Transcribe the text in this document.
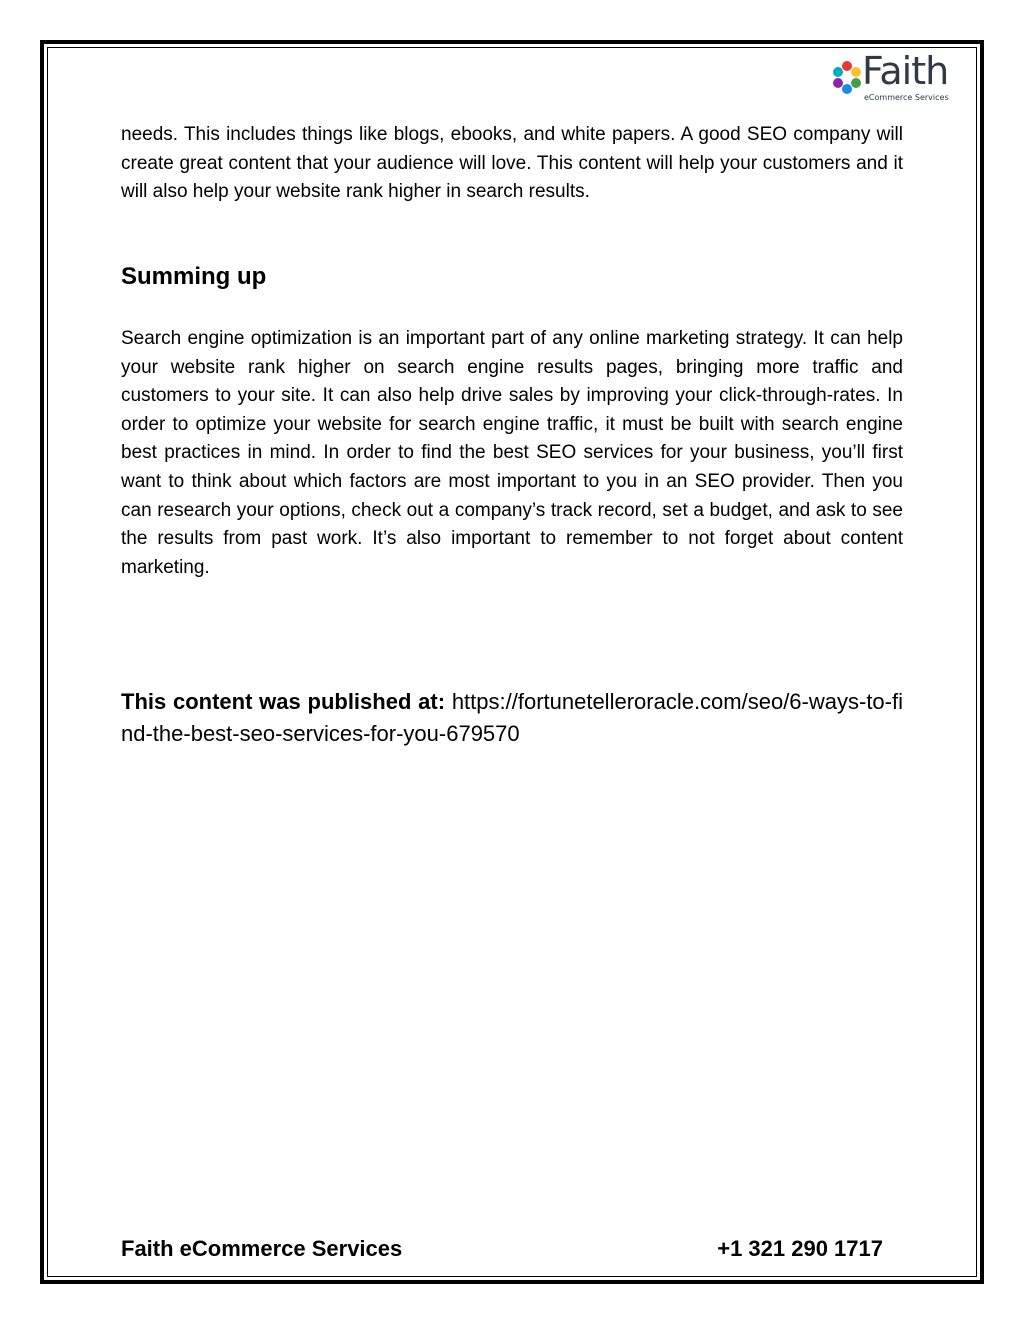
Faith
eCommerce Services

needs. This includes things like blogs, ebooks, and white papers. A good SEO company will create great content that your audience will love. This content will help your customers and it will also help your website rank higher in search results.

Summing up

Search engine optimization is an important part of any online marketing strategy. It can help your website rank higher on search engine results pages, bringing more traffic and customers to your site. It can also help drive sales by improving your click-through-rates. In order to optimize your website for search engine traffic, it must be built with search engine best practices in mind. In order to find the best SEO services for your business, you’ll first want to think about which factors are most important to you in an SEO provider. Then you can research your options, check out a company’s track record, set a budget, and ask to see the results from past work. It’s also important to remember to not forget about content marketing.

This content was published at: https://fortunetelleroracle.com/seo/6-ways-to-find-the-best-seo-services-for-you-679570

Faith eCommerce Services	+1 321 290 1717
